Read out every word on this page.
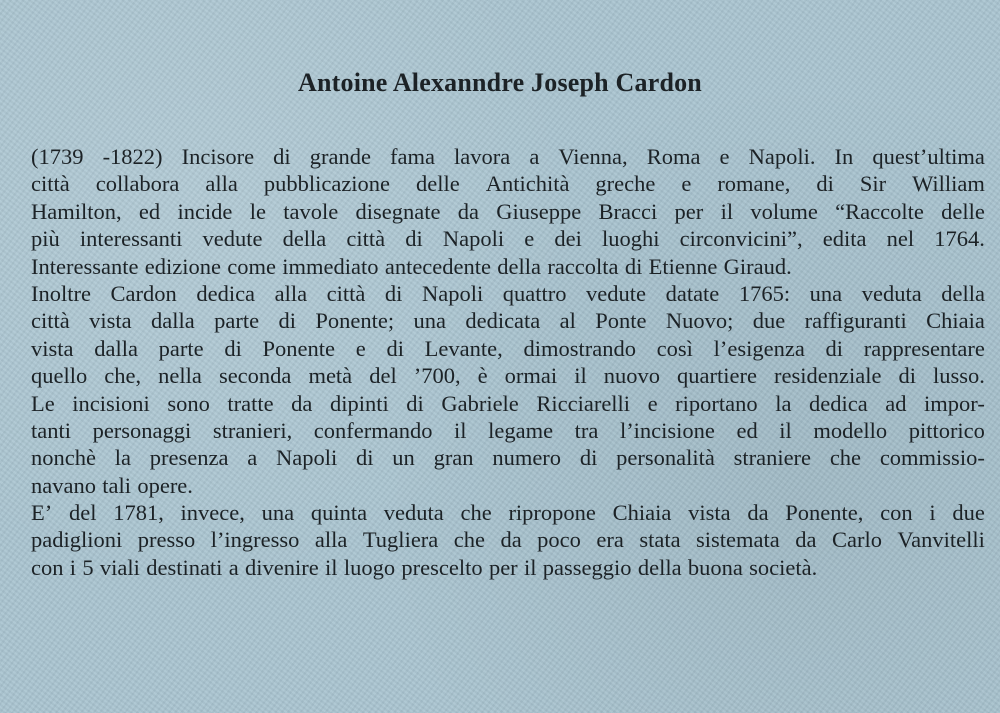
Antoine Alexanndre Joseph Cardon
(1739 -1822) Incisore di grande fama lavora a Vienna, Roma e Napoli. In quest’ultima
città collabora alla pubblicazione delle Antichità greche e romane, di Sir William
Hamilton, ed incide le tavole disegnate da Giuseppe Bracci per il volume “Raccolte delle
più interessanti vedute della città di Napoli e dei luoghi circonvicini”, edita nel 1764.
Interessante edizione come immediato antecedente della raccolta di Etienne Giraud.
Inoltre Cardon dedica alla città di Napoli quattro vedute datate 1765: una veduta della
città vista dalla parte di Ponente; una dedicata al Ponte Nuovo; due raffiguranti Chiaia
vista dalla parte di Ponente e di Levante, dimostrando così l’esigenza di rappresentare
quello che, nella seconda metà del ’700, è ormai il nuovo quartiere residenziale di lusso.
Le incisioni sono tratte da dipinti di Gabriele Ricciarelli e riportano la dedica ad impor-
tanti personaggi stranieri, confermando il legame tra l’incisione ed il modello pittorico
nonchè la presenza a Napoli di un gran numero di personalità straniere che commissio-
navano tali opere.
E’ del 1781, invece, una quinta veduta che ripropone Chiaia vista da Ponente, con i due
padiglioni presso l’ingresso alla Tugliera che da poco era stata sistemata da Carlo Vanvitelli
con i 5 viali destinati a divenire il luogo prescelto per il passeggio della buona società.
